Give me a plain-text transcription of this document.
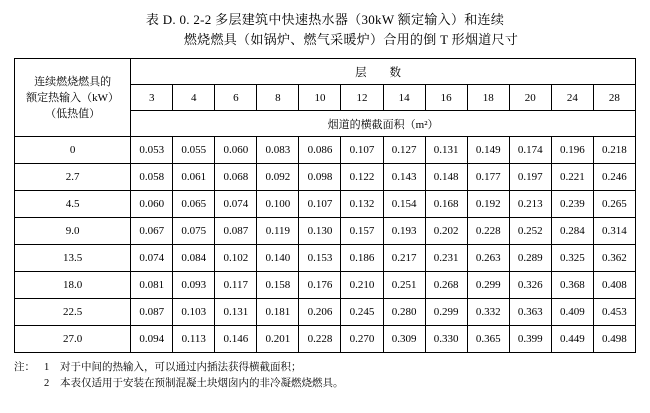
表 D. 0. 2-2 多层建筑中快速热水器（30kW 额定输入）和连续
燃烧燃具（如锅炉、燃气采暖炉）合用的倒 T 形烟道尺寸
连续燃烧燃具的
额定热输入（kW）
（低热值）	层 数											
	3	4	6	8	10	12	14	16	18	20	24	28
	烟道的横截面积（m²）											
0	0.053	0.055	0.060	0.083	0.086	0.107	0.127	0.131	0.149	0.174	0.196	0.218
2.7	0.058	0.061	0.068	0.092	0.098	0.122	0.143	0.148	0.177	0.197	0.221	0.246
4.5	0.060	0.065	0.074	0.100	0.107	0.132	0.154	0.168	0.192	0.213	0.239	0.265
9.0	0.067	0.075	0.087	0.119	0.130	0.157	0.193	0.202	0.228	0.252	0.284	0.314
13.5	0.074	0.084	0.102	0.140	0.153	0.186	0.217	0.231	0.263	0.289	0.325	0.362
18.0	0.081	0.093	0.117	0.158	0.176	0.210	0.251	0.268	0.299	0.326	0.368	0.408
22.5	0.087	0.103	0.131	0.181	0.206	0.245	0.280	0.299	0.332	0.363	0.409	0.453
27.0	0.094	0.113	0.146	0.201	0.228	0.270	0.309	0.330	0.365	0.399	0.449	0.498
注： 1	对于中间的热输入，可以通过内插法获得横截面积；
2	本表仅适用于安装在预制混凝土块烟囱内的非冷凝燃烧燃具。
